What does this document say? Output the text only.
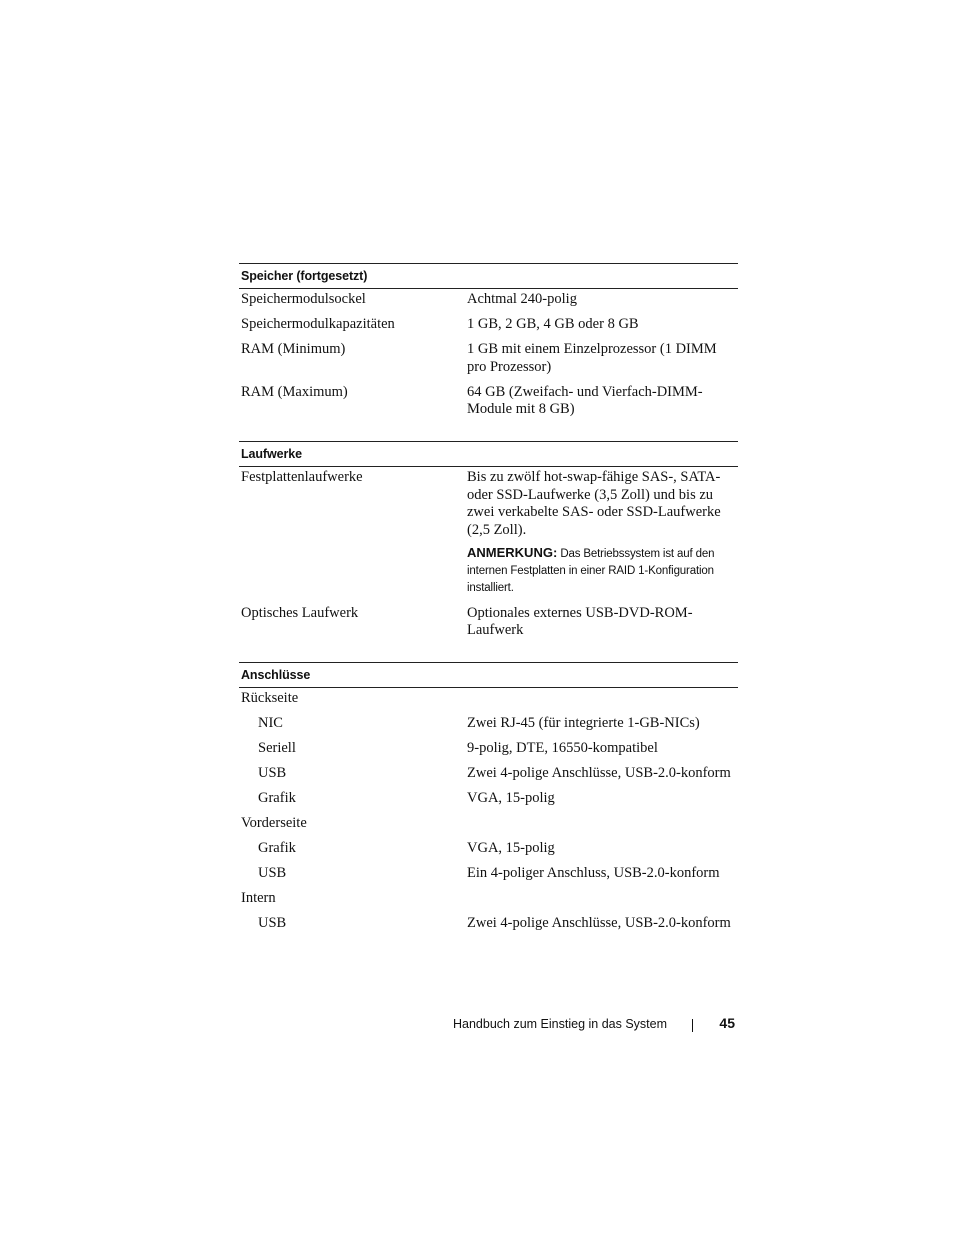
Speicher (fortgesetzt)
Speichermodulsockel	Achtmal 240-polig
Speichermodulkapazitäten	1 GB, 2 GB, 4 GB oder 8 GB
RAM (Minimum)	1 GB mit einem Einzelprozessor (1 DIMM pro Prozessor)
RAM (Maximum)	64 GB (Zweifach- und Vierfach-DIMM-Module mit 8 GB)
Laufwerke
Festplattenlaufwerke	Bis zu zwölf hot-swap-fähige SAS-, SATA- oder SSD-Laufwerke (3,5 Zoll) und bis zu zwei verkabelte SAS- oder SSD-Laufwerke (2,5 Zoll).
ANMERKUNG: Das Betriebssystem ist auf den internen Festplatten in einer RAID 1-Konfiguration installiert.
Optisches Laufwerk	Optionales externes USB-DVD-ROM-Laufwerk
Anschlüsse
Rückseite
NIC	Zwei RJ-45 (für integrierte 1-GB-NICs)
Seriell	9-polig, DTE, 16550-kompatibel
USB	Zwei 4-polige Anschlüsse, USB-2.0-konform
Grafik	VGA, 15-polig
Vorderseite
Grafik	VGA, 15-polig
USB	Ein 4-poliger Anschluss, USB-2.0-konform
Intern
USB	Zwei 4-polige Anschlüsse, USB-2.0-konform
Handbuch zum Einstieg in das System	45
